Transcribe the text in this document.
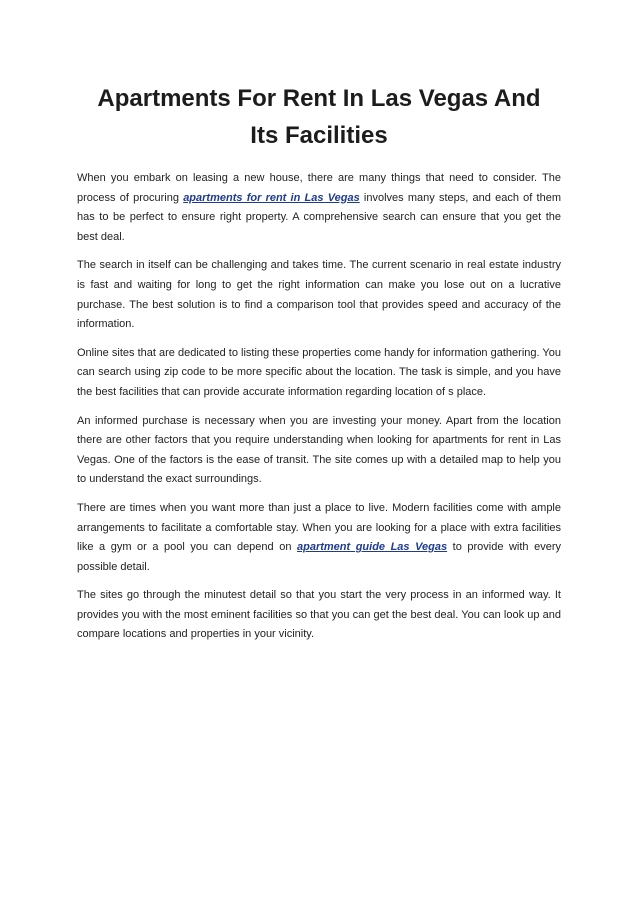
Apartments For Rent In Las Vegas And
Its Facilities

When you embark on leasing a new house, there are many things that need to consider. The process of procuring apartments for rent in Las Vegas involves many steps, and each of them has to be perfect to ensure right property. A comprehensive search can ensure that you get the best deal.

The search in itself can be challenging and takes time. The current scenario in real estate industry is fast and waiting for long to get the right information can make you lose out on a lucrative purchase. The best solution is to find a comparison tool that provides speed and accuracy of the information.

Online sites that are dedicated to listing these properties come handy for information gathering. You can search using zip code to be more specific about the location. The task is simple, and you have the best facilities that can provide accurate information regarding location of s place.

An informed purchase is necessary when you are investing your money. Apart from the location there are other factors that you require understanding when looking for apartments for rent in Las Vegas. One of the factors is the ease of transit. The site comes up with a detailed map to help you to understand the exact surroundings.

There are times when you want more than just a place to live. Modern facilities come with ample arrangements to facilitate a comfortable stay. When you are looking for a place with extra facilities like a gym or a pool you can depend on apartment guide Las Vegas to provide with every possible detail.

The sites go through the minutest detail so that you start the very process in an informed way. It provides you with the most eminent facilities so that you can get the best deal. You can look up and compare locations and properties in your vicinity.
